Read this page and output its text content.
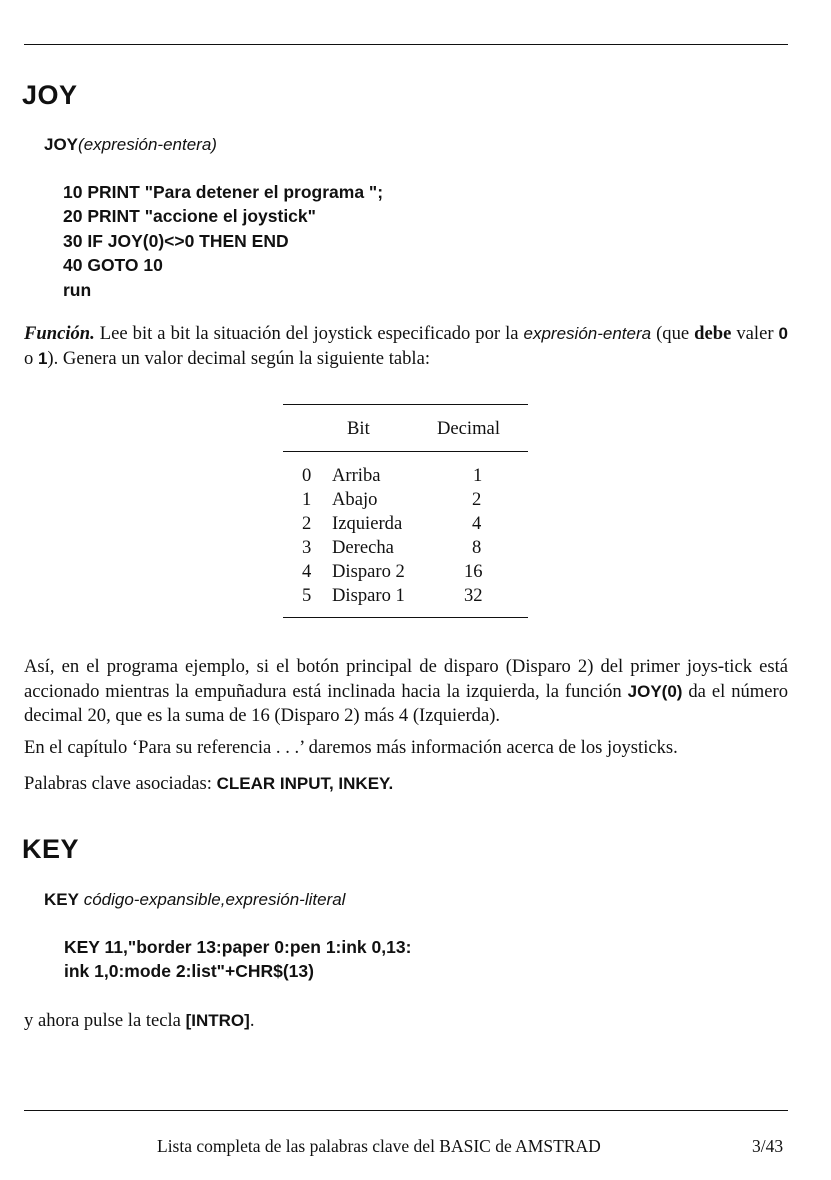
JOY
JOY(expresión-entera)
10 PRINT "Para detener el programa ";
20 PRINT "accione el joystick"
30 IF JOY(0)<>0 THEN END
40 GOTO 10
run
Función. Lee bit a bit la situación del joystick especificado por la expresión-entera (que debe valer 0 o 1). Genera un valor decimal según la siguiente tabla:
Bit	Decimal
0 Arriba	1
1 Abajo	2
2 Izquierda	4
3 Derecha	8
4 Disparo 2	16
5 Disparo 1	32
Así, en el programa ejemplo, si el botón principal de disparo (Disparo 2) del primer joys-tick está accionado mientras la empuñadura está inclinada hacia la izquierda, la función JOY(0) da el número decimal 20, que es la suma de 16 (Disparo 2) más 4 (Izquierda).
En el capítulo ‘Para su referencia . . .’ daremos más información acerca de los joysticks.
Palabras clave asociadas: CLEAR INPUT, INKEY.
KEY
KEY código-expansible,expresión-literal
KEY 11,"border 13:paper 0:pen 1:ink 0,13:
ink 1,0:mode 2:list"+CHR$(13)
y ahora pulse la tecla [INTRO].
Lista completa de las palabras clave del BASIC de AMSTRAD	3/43
